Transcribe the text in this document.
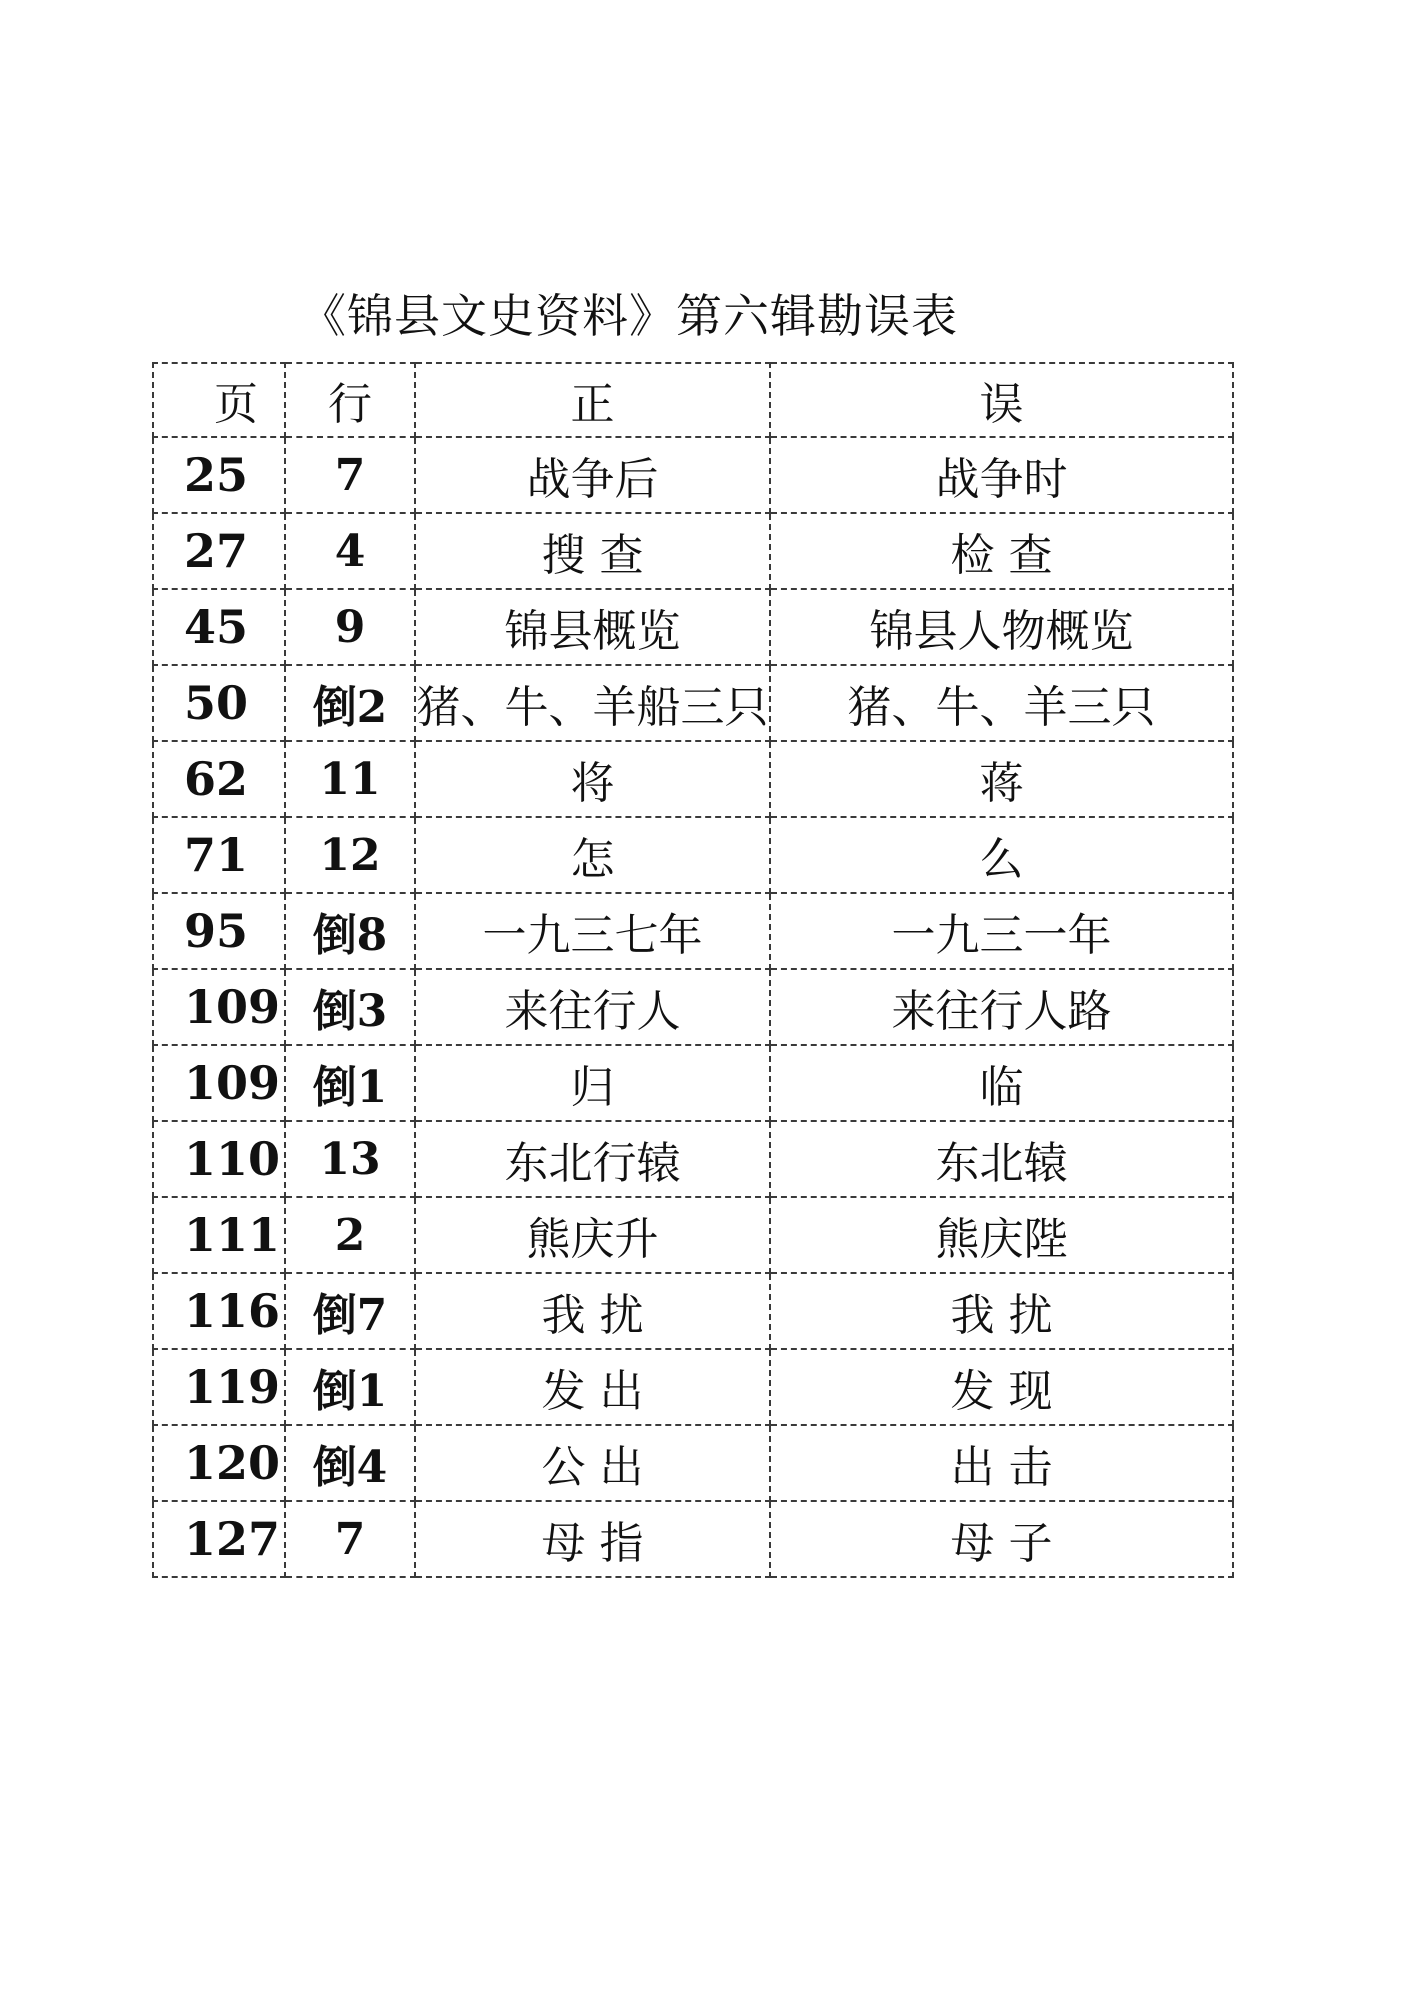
《锦县文史资料》第六辑勘误表
页	行	正	误
25	7	战争后	战争时
27	4	搜 查	检 查
45	9	锦县概览	锦县人物概览
50	倒2	猪、牛、羊船三只	猪、牛、羊三只
62	11	将	蒋
71	12	怎	么
95	倒8	一九三七年	一九三一年
109	倒3	来往行人	来往行人路
109	倒1	归	临
110	13	东北行辕	东北辕
111	2	熊庆升	熊庆陛
116	倒7	我 扰	我 扰
119	倒1	发 出	发 现
120	倒4	公 出	出 击
127	7	母 指	母 子
